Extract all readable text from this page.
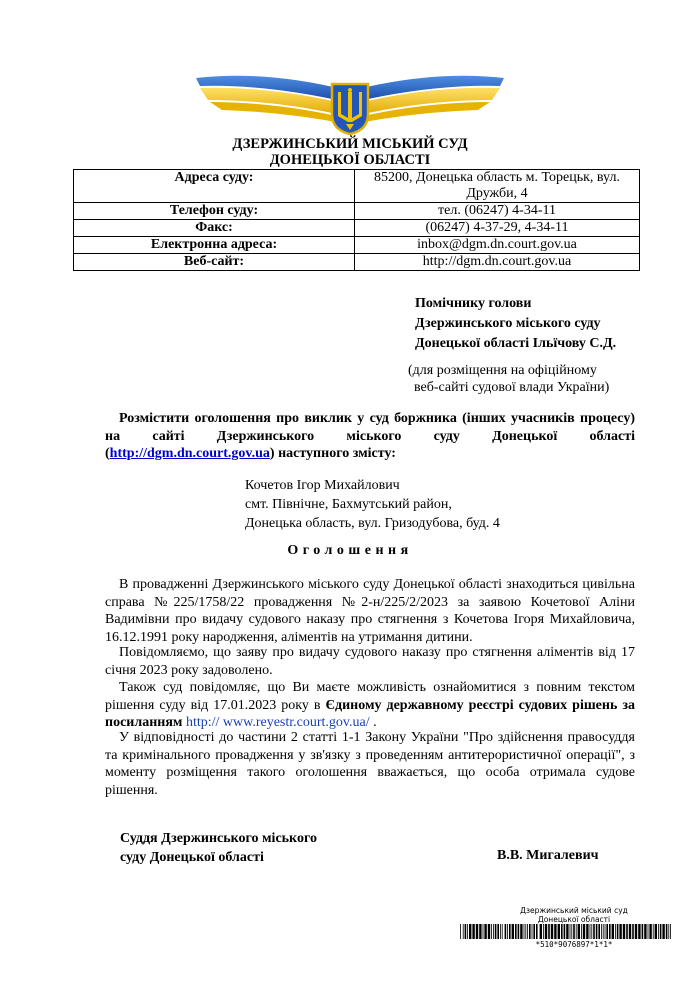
ДЗЕРЖИНСЬКИЙ МІСЬКИЙ СУД
ДОНЕЦЬКОЇ ОБЛАСТІ
Адреса суду:	85200, Донецька область м. Торецьк, вул. Дружби, 4
Телефон суду:	тел. (06247) 4-34-11
Факс:	(06247) 4-37-29, 4-34-11
Електронна адреса:	inbox@dgm.dn.court.gov.ua
Веб-сайт:	http://dgm.dn.court.gov.ua
Помічнику голови
Дзержинського міського суду
Донецької області Ільїчову С.Д.
(для розміщення на офіційному
веб-сайті судової влади України)
Розмістити оголошення про виклик у суд боржника (інших учасників процесу) на сайті Дзержинського міського суду Донецької області (http://dgm.dn.court.gov.ua) наступного змісту:
Кочетов Ігор Михайлович
смт. Північне, Бахмутський район,
Донецька область, вул. Гризодубова, буд. 4
Оголошення
В провадженні Дзержинського міського суду Донецької області знаходиться цивільна справа №225/1758/22 провадження №2-н/225/2/2023 за заявою Кочетової Аліни Вадимівни про видачу судового наказу про стягнення з Кочетова Ігоря Михайловича, 16.12.1991 року народження, аліментів на утримання дитини.
Повідомляємо, що заяву про видачу судового наказу про стягнення аліментів від 17 січня 2023 року задоволено.
Також суд повідомляє, що Ви маєте можливість ознайомитися з повним текстом рішення суду від 17.01.2023 року в Єдиному державному реєстрі судових рішень за посиланням http:// www.reyestr.court.gov.ua/ .
У відповідності до частини 2 статті 1-1 Закону України "Про здійснення правосуддя та кримінального провадження у зв'язку з проведенням антитерористичної операції", з моменту розміщення такого оголошення вважається, що особа отримала судове рішення.
Суддя Дзержинського міського
суду Донецької області	В.В. Мигалевич
Дзержинський міський суд
Донецької області
*510*9076897*1*1*
